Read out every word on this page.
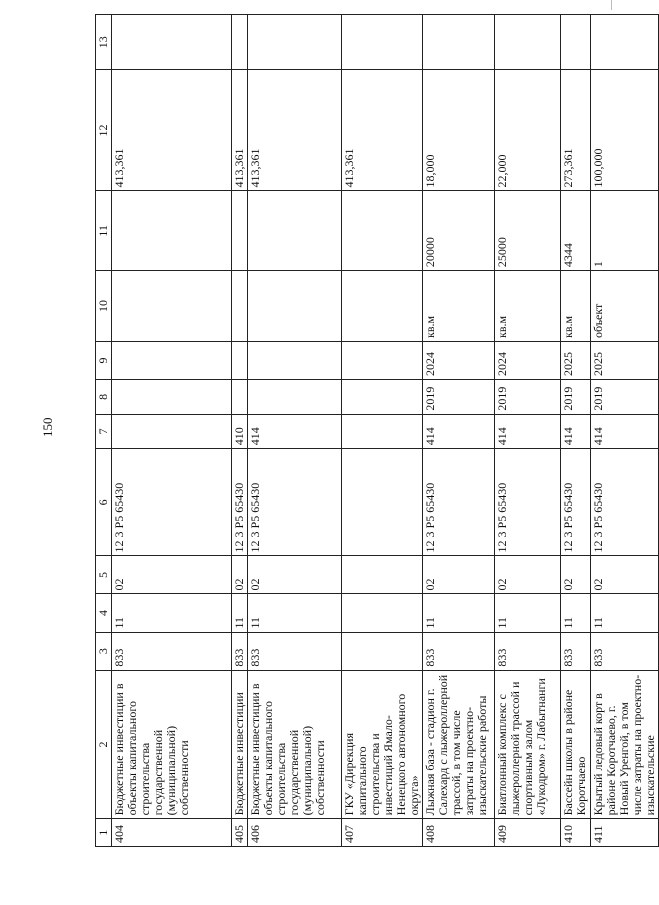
150
1	2	3	4	5	6	7	8	9	10	11	12	13
404	Бюджетные инвестиции в объекты капитального строительства государственной (муниципальной) собственности	833	11	02	12 3 P5 65430						413,361	
405	Бюджетные инвестиции	833	11	02	12 3 P5 65430	410					413,361	
406	Бюджетные инвестиции в объекты капитального строительства государственной (муниципальной) собственности	833	11	02	12 3 P5 65430	414					413,361	
407	ГКУ «Дирекция капитального строительства и инвестиций Ямало-Ненецкого автономного округа»										413,361	
408	Лыжная база - стадион г. Салехард с лыжероллерной трассой, в том числе затраты на проектно-изыскательские работы	833	11	02	12 3 P5 65430	414	2019	2024	кв.м	20000	18,000	
409	Биатлонный комплекс с лыжероллерной трассой и спортивным залом «Лукодром» г. Лабытнанги	833	11	02	12 3 P5 65430	414	2019	2024	кв.м	25000	22,000	
410	Бассейн школы в районе Коротчаево	833	11	02	12 3 P5 65430	414	2019	2025	кв.м	4344	273,361	
411	Крытый ледовый корт в районе Коротчаево, г. Новый Уренгой, в том числе затраты на проектно-изыскательские	833	11	02	12 3 P5 65430	414	2019	2025	объект	1	100,000	
